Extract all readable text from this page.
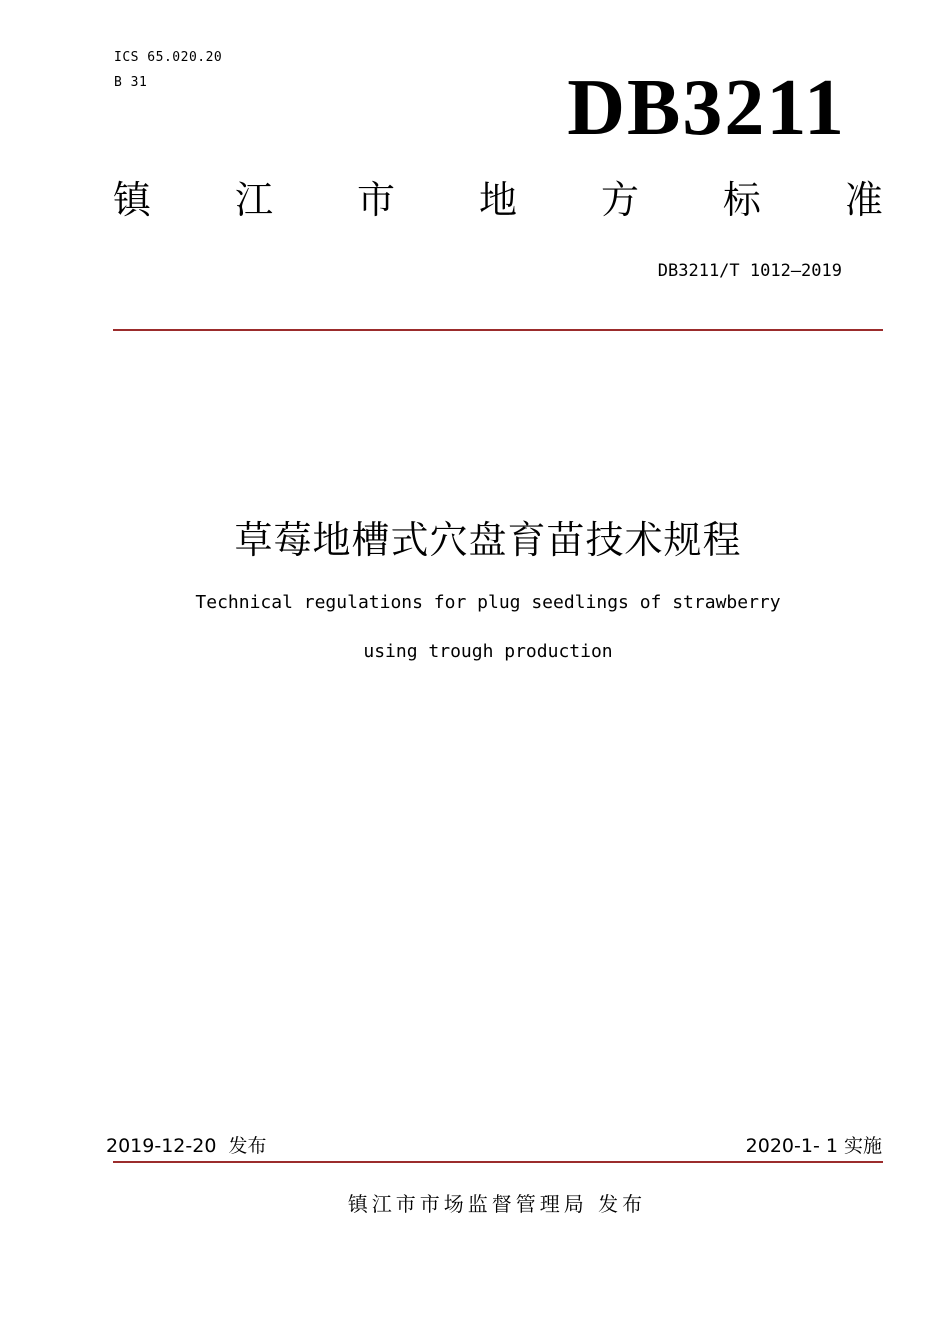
ICS 65.020.20
B 31	DB3211
镇 江 市 地 方 标 准
DB3211/T 1012—2019
草莓地槽式穴盘育苗技术规程
Technical regulations for plug seedlings of strawberry
using trough production
2019-12-20  发布	2020-1- 1 实施
镇江市市场监督管理局 发布
